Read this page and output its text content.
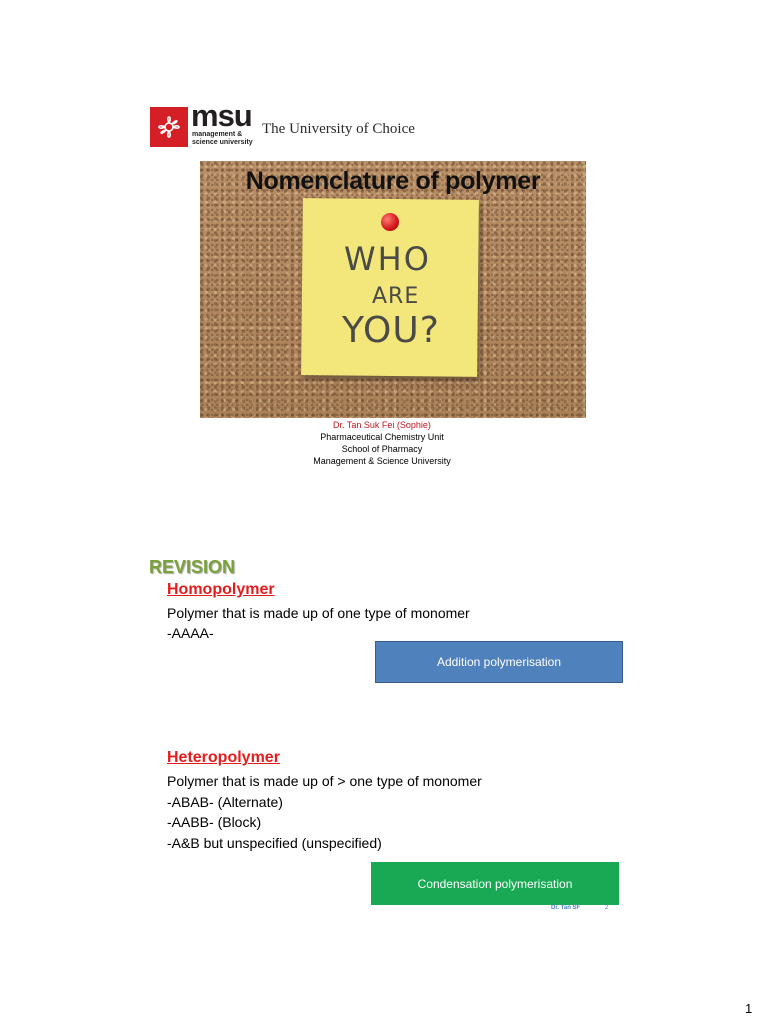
msu
management &
science university
The University of Choice
Nomenclature of polymer
WHO
ARE
YOU?
Dr. Tan Suk Fei (Sophie)
Pharmaceutical Chemistry Unit
School of Pharmacy
Management & Science University
REVISION
Homopolymer
Polymer that is made up of one type of monomer
-AAAA-
Addition polymerisation
Heteropolymer
Polymer that is made up of > one type of monomer
-ABAB- (Alternate)
-AABB- (Block)
-A&B but unspecified (unspecified)
Condensation polymerisation
Dr. Tan SF	2
1
